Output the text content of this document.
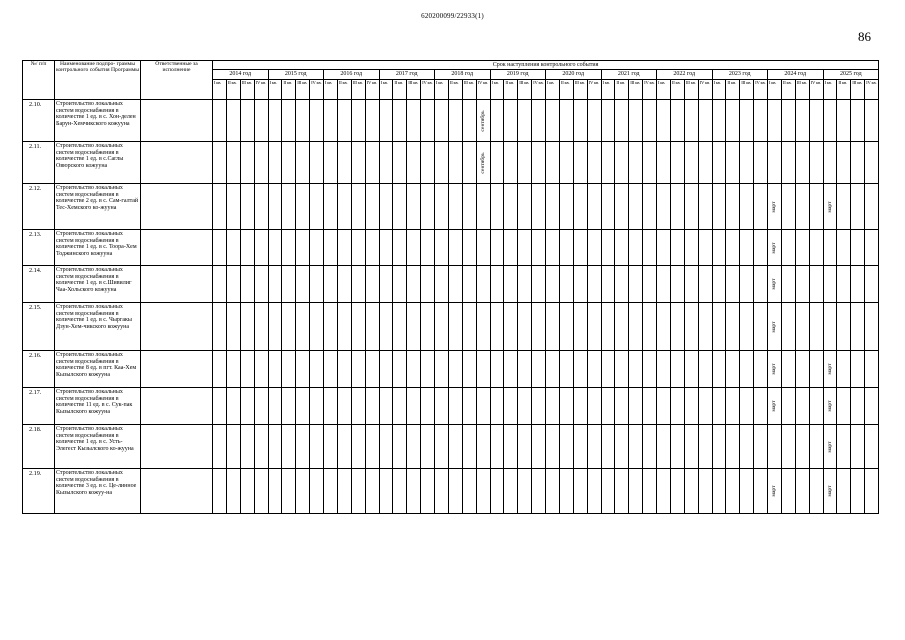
620200099/22933(1)
86
№/ п/п	Наименование подпро- граммы контрольного события Программы	Ответственные за исполнение	Срок наступления контрольного события																																															
			2014 год				2015 год				2016 год				2017 год				2018 год				2019 год				2020 год				2021 год				2022 год				2023 год				2024 год				2025 год			
			I кв.	II кв.	III кв.	IV кв.	I кв.	II кв.	III кв.	IV кв.	I кв.	II кв.	III кв.	IV кв.	I кв.	II кв.	III кв.	IV кв.	I кв.	II кв.	III кв.	IV кв.	I кв.	II кв.	III кв.	IV кв.	I кв.	II кв.	III кв.	IV кв.	I кв.	II кв.	III кв.	IV кв.	I кв.	II кв.	III кв.	IV кв.	I кв.	II кв.	III кв.	IV кв.	I кв.	II кв.	III кв.	IV кв.	I кв.	II кв.	III кв.	IV кв.
2.10.	Строительство локальных систем водоснабжения в количестве 1 ед. в с. Хон-делен Барун-Хемчикского кожууна																					сентябрь																												

2.11.	Строительство локальных систем водоснабжения в количестве 1 ед. в с.Саглы Овюрского кожууна																					сентябрь																												

2.12.	Строительство локальных систем водоснабжения в количестве 2 ед. в с. Сам-галтай Тес-Хемского ко-жууна																																										март				март			

2.13.	Строительство локальных систем водоснабжения в количестве 1 ед. в с. Тоора-Хем Тоджинского кожууна																																										март							

2.14.	Строительство локальных систем водоснабжения в количестве 1 ед. в с.Шивилиг Чаа-Хольского кожууна																																										март							

2.15.	Строительство локальных систем водоснабжения в количестве 1 ед. в с. Чыргакы Дзун-Хем-чикского кожууна																																										март							

2.16.	Строительство локальных систем водоснабжения в количестве 8 ед. в пгт. Каа-Хем Кызылского кожууна																																										март				март			

2.17.	Строительство локальных систем водоснабжения в количестве 11 ед. в с. Сук-пак Кызылского кожууна																																										март				март			

2.18.	Строительство локальных систем водоснабжения в количестве 1 ед. в с. Усть-Элегест Кызылского ко-жууна																																														март			

2.19.	Строительство локальных систем водоснабжения в количестве 3 ед. в с. Це-линное Кызылского кожуу-на																																										март				март			
